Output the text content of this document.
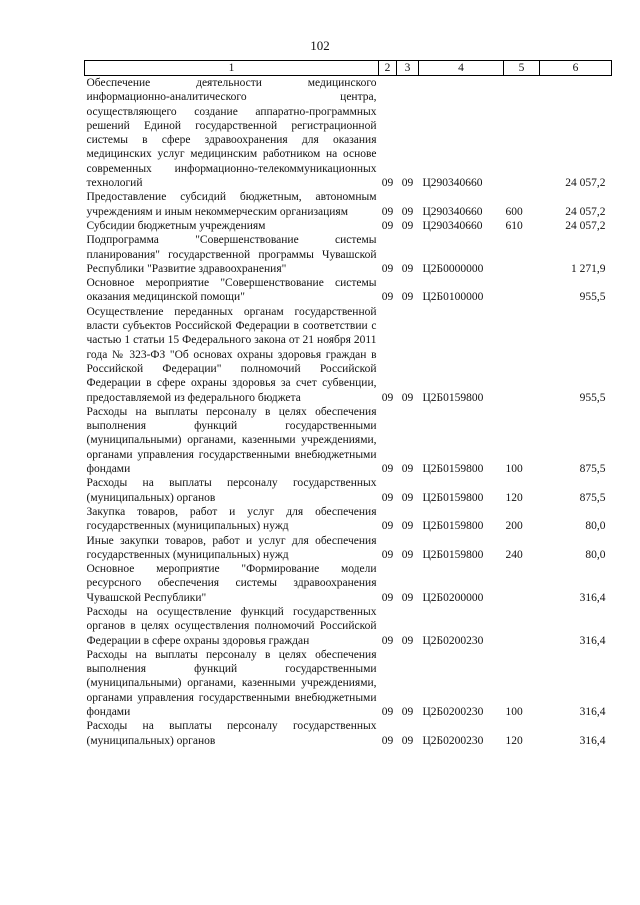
102
1	2	3	4	5	6
Обеспечение деятельности медицинского информационно-аналитического центра, осуществляющего создание аппаратно-программных решений Единой государственной регистрационной системы в сфере здравоохранения для оказания медицинских услуг медицинским работником на основе современных информационно-телекоммуникационных технологий	09	09	Ц290340660		24 057,2
Предоставление субсидий бюджетным, автономным учреждениям и иным некоммерческим организациям	09	09	Ц290340660	600	24 057,2
Субсидии бюджетным учреждениям	09	09	Ц290340660	610	24 057,2
Подпрограмма "Совершенствование системы планирования" государственной программы Чувашской Республики "Развитие здравоохранения"	09	09	Ц2Б0000000		1 271,9
Основное мероприятие "Совершенствование системы оказания медицинской помощи"	09	09	Ц2Б0100000		955,5
Осуществление переданных органам государственной власти субъектов Российской Федерации в соответствии с частью 1 статьи 15 Федерального закона от 21 ноября 2011 года № 323-ФЗ "Об основах охраны здоровья граждан в Российской Федерации" полномочий Российской Федерации в сфере охраны здоровья за счет субвенции, предоставляемой из федерального бюджета	09	09	Ц2Б0159800		955,5
Расходы на выплаты персоналу в целях обеспечения выполнения функций государственными (муниципальными) органами, казенными учреждениями, органами управления государственными внебюджетными фондами	09	09	Ц2Б0159800	100	875,5
Расходы на выплаты персоналу государственных (муниципальных) органов	09	09	Ц2Б0159800	120	875,5
Закупка товаров, работ и услуг для обеспечения государственных (муниципальных) нужд	09	09	Ц2Б0159800	200	80,0
Иные закупки товаров, работ и услуг для обеспечения государственных (муниципальных) нужд	09	09	Ц2Б0159800	240	80,0
Основное мероприятие "Формирование модели ресурсного обеспечения системы здравоохранения Чувашской Республики"	09	09	Ц2Б0200000		316,4
Расходы на осуществление функций государственных органов в целях осуществления полномочий Российской Федерации в сфере охраны здоровья граждан	09	09	Ц2Б0200230		316,4
Расходы на выплаты персоналу в целях обеспечения выполнения функций государственными (муниципальными) органами, казенными учреждениями, органами управления государственными внебюджетными фондами	09	09	Ц2Б0200230	100	316,4
Расходы на выплаты персоналу государственных (муниципальных) органов	09	09	Ц2Б0200230	120	316,4
